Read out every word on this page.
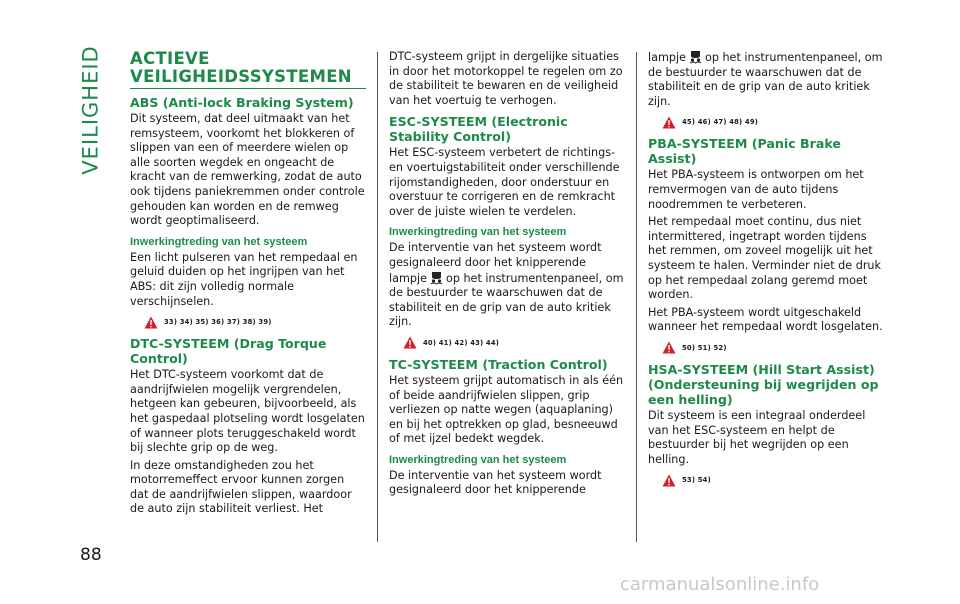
VEILIGHEID
88
ACTIEVE VEILIGHEIDSSYSTEMEN
ABS (Anti-lock Braking System)

Dit systeem, dat deel uitmaakt van het remsysteem, voorkomt het blokkeren of slippen van een of meerdere wielen op alle soorten wegdek en ongeacht de kracht van de remwerking, zodat de auto ook tijdens paniekremmen onder controle gehouden kan worden en de remweg wordt geoptimaliseerd.

Inwerkingtreding van het systeem

Een licht pulseren van het rempedaal en geluid duiden op het ingrijpen van het ABS: dit zijn volledig normale verschijnselen.

33) 34) 35) 36) 37) 38) 39)
DTC-SYSTEEM (Drag Torque Control)

Het DTC-systeem voorkomt dat de aandrijfwielen mogelijk vergrendelen, hetgeen kan gebeuren, bijvoorbeeld, als het gaspedaal plotseling wordt losgelaten of wanneer plots teruggeschakeld wordt bij slechte grip op de weg.

In deze omstandigheden zou het motorremeffect ervoor kunnen zorgen dat de aandrijfwielen slippen, waardoor de auto zijn stabiliteit verliest. Het

DTC-systeem grijpt in dergelijke situaties in door het motorkoppel te regelen om zo de stabiliteit te bewaren en de veiligheid van het voertuig te verhogen.

ESC-SYSTEEM (Electronic Stability Control)

Het ESC-systeem verbetert de richtings- en voertuigstabiliteit onder verschillende rijomstandigheden, door onderstuur en overstuur te corrigeren en de remkracht over de juiste wielen te verdelen.

Inwerkingtreding van het systeem

De interventie van het systeem wordt gesignaleerd door het knipperende lampje op het instrumentenpaneel, om de bestuurder te waarschuwen dat de stabiliteit en de grip van de auto kritiek zijn.

40) 41) 42) 43) 44)
TC-SYSTEEM (Traction Control)

Het systeem grijpt automatisch in als één of beide aandrijfwielen slippen, grip verliezen op natte wegen (aquaplaning) en bij het optrekken op glad, besneeuwd of met ijzel bedekt wegdek.

Inwerkingtreding van het systeem

De interventie van het systeem wordt gesignaleerd door het knipperende

lampje op het instrumentenpaneel, om de bestuurder te waarschuwen dat de stabiliteit en de grip van de auto kritiek zijn.

45) 46) 47) 48) 49)
PBA-SYSTEEM (Panic Brake Assist)

Het PBA-systeem is ontworpen om het remvermogen van de auto tijdens noodremmen te verbeteren.

Het rempedaal moet continu, dus niet intermittered, ingetrapt worden tijdens het remmen, om zoveel mogelijk uit het systeem te halen. Verminder niet de druk op het rempedaal zolang geremd moet worden.

Het PBA-systeem wordt uitgeschakeld wanneer het rempedaal wordt losgelaten.

50) 51) 52)
HSA-SYSTEEM (Hill Start Assist) (Ondersteuning bij wegrijden op een helling)

Dit systeem is een integraal onderdeel van het ESC-systeem en helpt de bestuurder bij het wegrijden op een helling.

53) 54)
carmanualsonline.info
